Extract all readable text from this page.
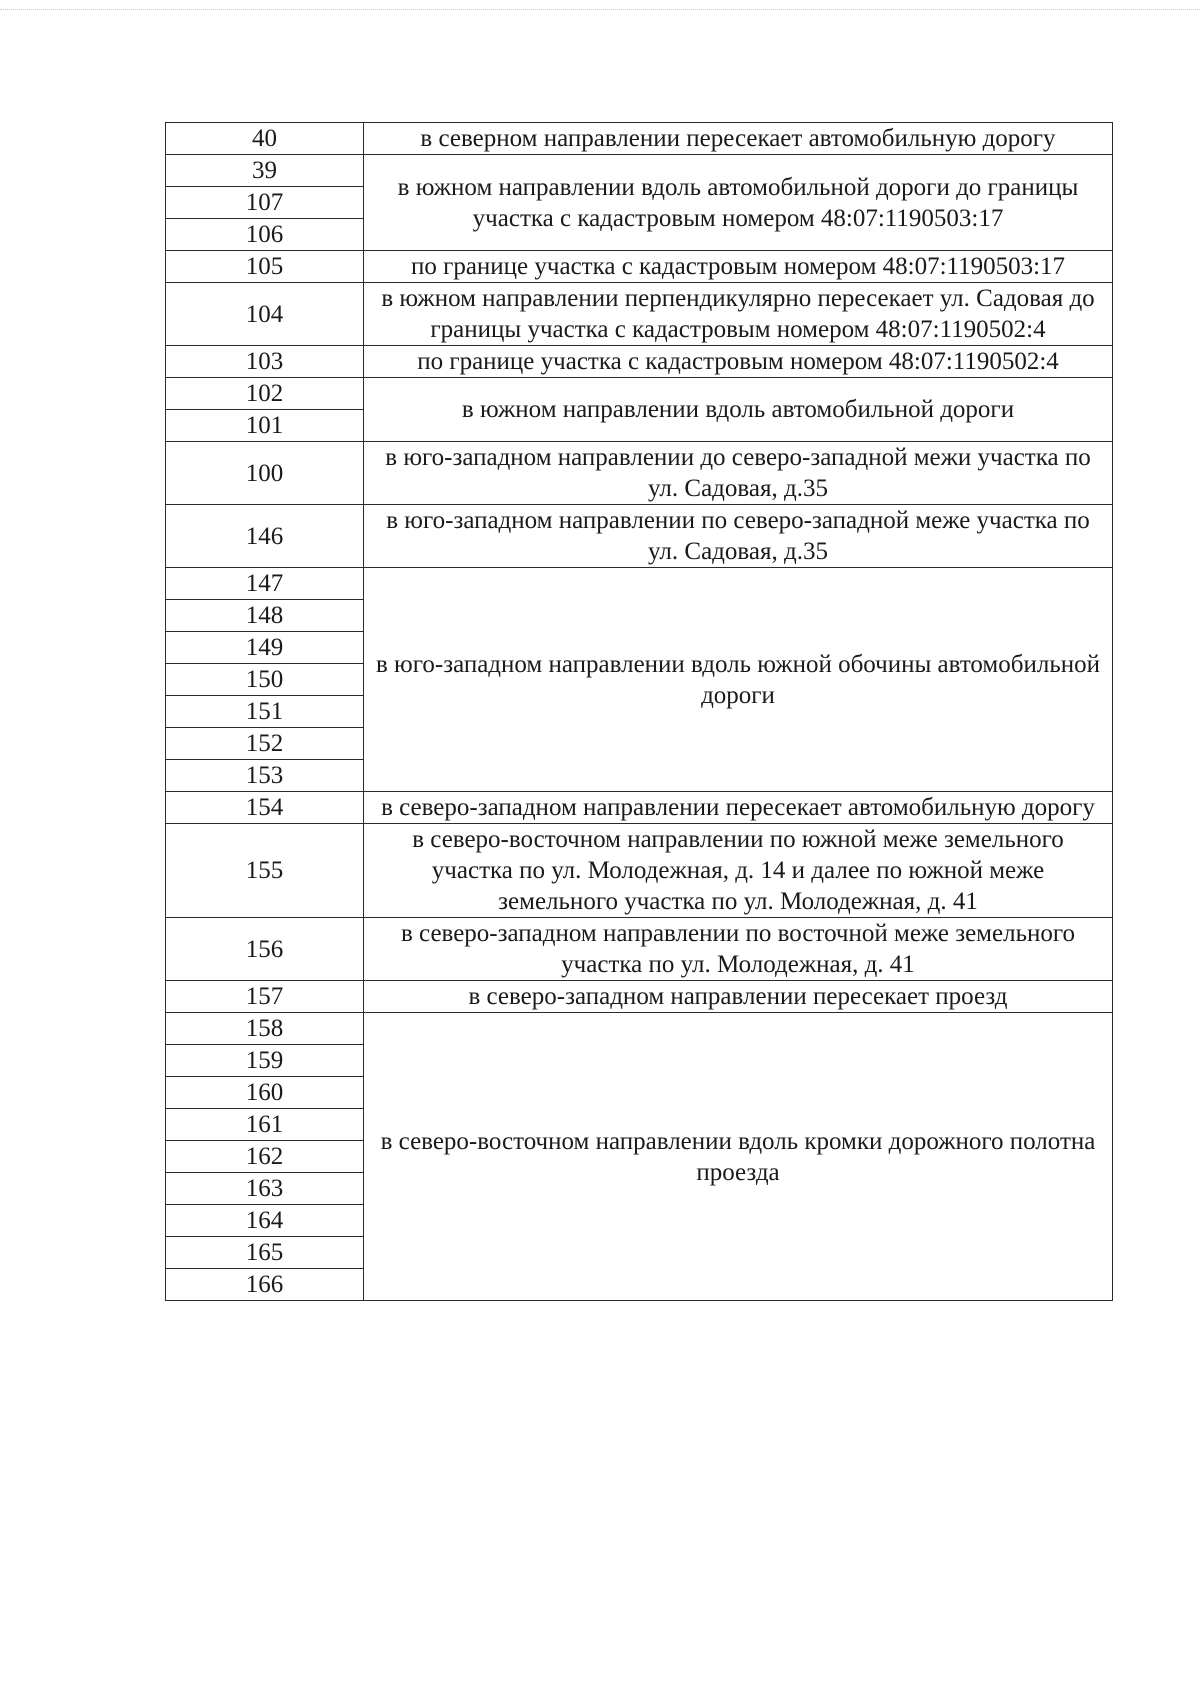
40	в северном направлении пересекает автомобильную дорогу
39	в южном направлении вдоль автомобильной дороги до границы участка с кадастровым номером 48:07:1190503:17
107	
106	
105	по границе участка с кадастровым номером 48:07:1190503:17
104	в южном направлении перпендикулярно пересекает ул. Садовая до границы участка с кадастровым номером 48:07:1190502:4
103	по границе участка с кадастровым номером 48:07:1190502:4
102	в южном направлении вдоль автомобильной дороги
101	
100	в юго-западном направлении до северо-западной межи участка по ул. Садовая, д.35
146	в юго-западном направлении по северо-западной меже участка по ул. Садовая, д.35
147	в юго-западном направлении вдоль южной обочины автомобильной дороги
148	
149	
150	
151	
152	
153	
154	в северо-западном направлении пересекает автомобильную дорогу
155	в северо-восточном направлении по южной меже земельного участка по ул. Молодежная, д. 14 и далее по южной меже земельного участка по ул. Молодежная, д. 41
156	в северо-западном направлении по восточной меже земельного участка по ул. Молодежная, д. 41
157	в северо-западном направлении пересекает проезд
158	в северо-восточном направлении вдоль кромки дорожного полотна проезда
159	
160	
161	
162	
163	
164	
165	
166	
